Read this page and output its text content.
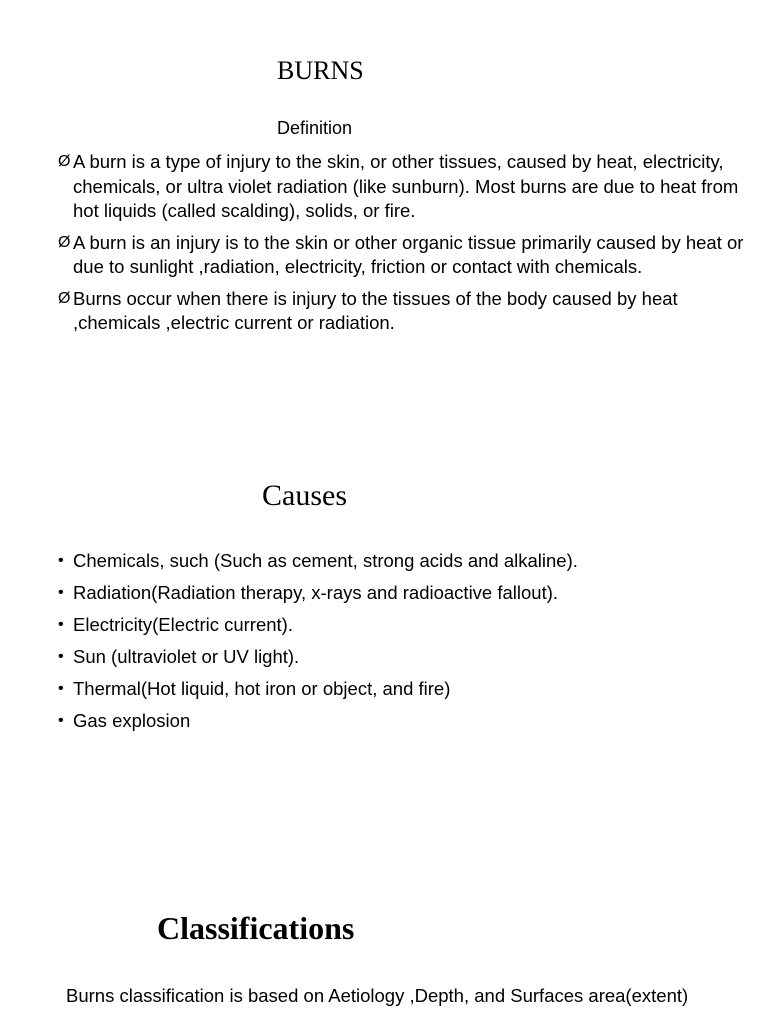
BURNS
Definition
Ø A burn is a type of injury to the skin, or other tissues, caused by heat, electricity, chemicals, or ultra violet radiation (like sunburn). Most burns are due to heat from hot liquids (called scalding), solids, or fire.
Ø A burn is an injury is to the skin or other organic tissue primarily caused by heat or due to sunlight ,radiation, electricity, friction or contact with chemicals.
Ø Burns occur when there is injury to the tissues of the body caused by heat ,chemicals ,electric current or radiation.
Causes
• Chemicals, such (Such as cement, strong acids and alkaline).
• Radiation(Radiation therapy, x-rays and radioactive fallout).
• Electricity(Electric current).
• Sun (ultraviolet or UV light).
• Thermal(Hot liquid, hot iron or object, and fire)
• Gas explosion
Classifications
Burns classification is based on Aetiology ,Depth, and Surfaces area(extent)
